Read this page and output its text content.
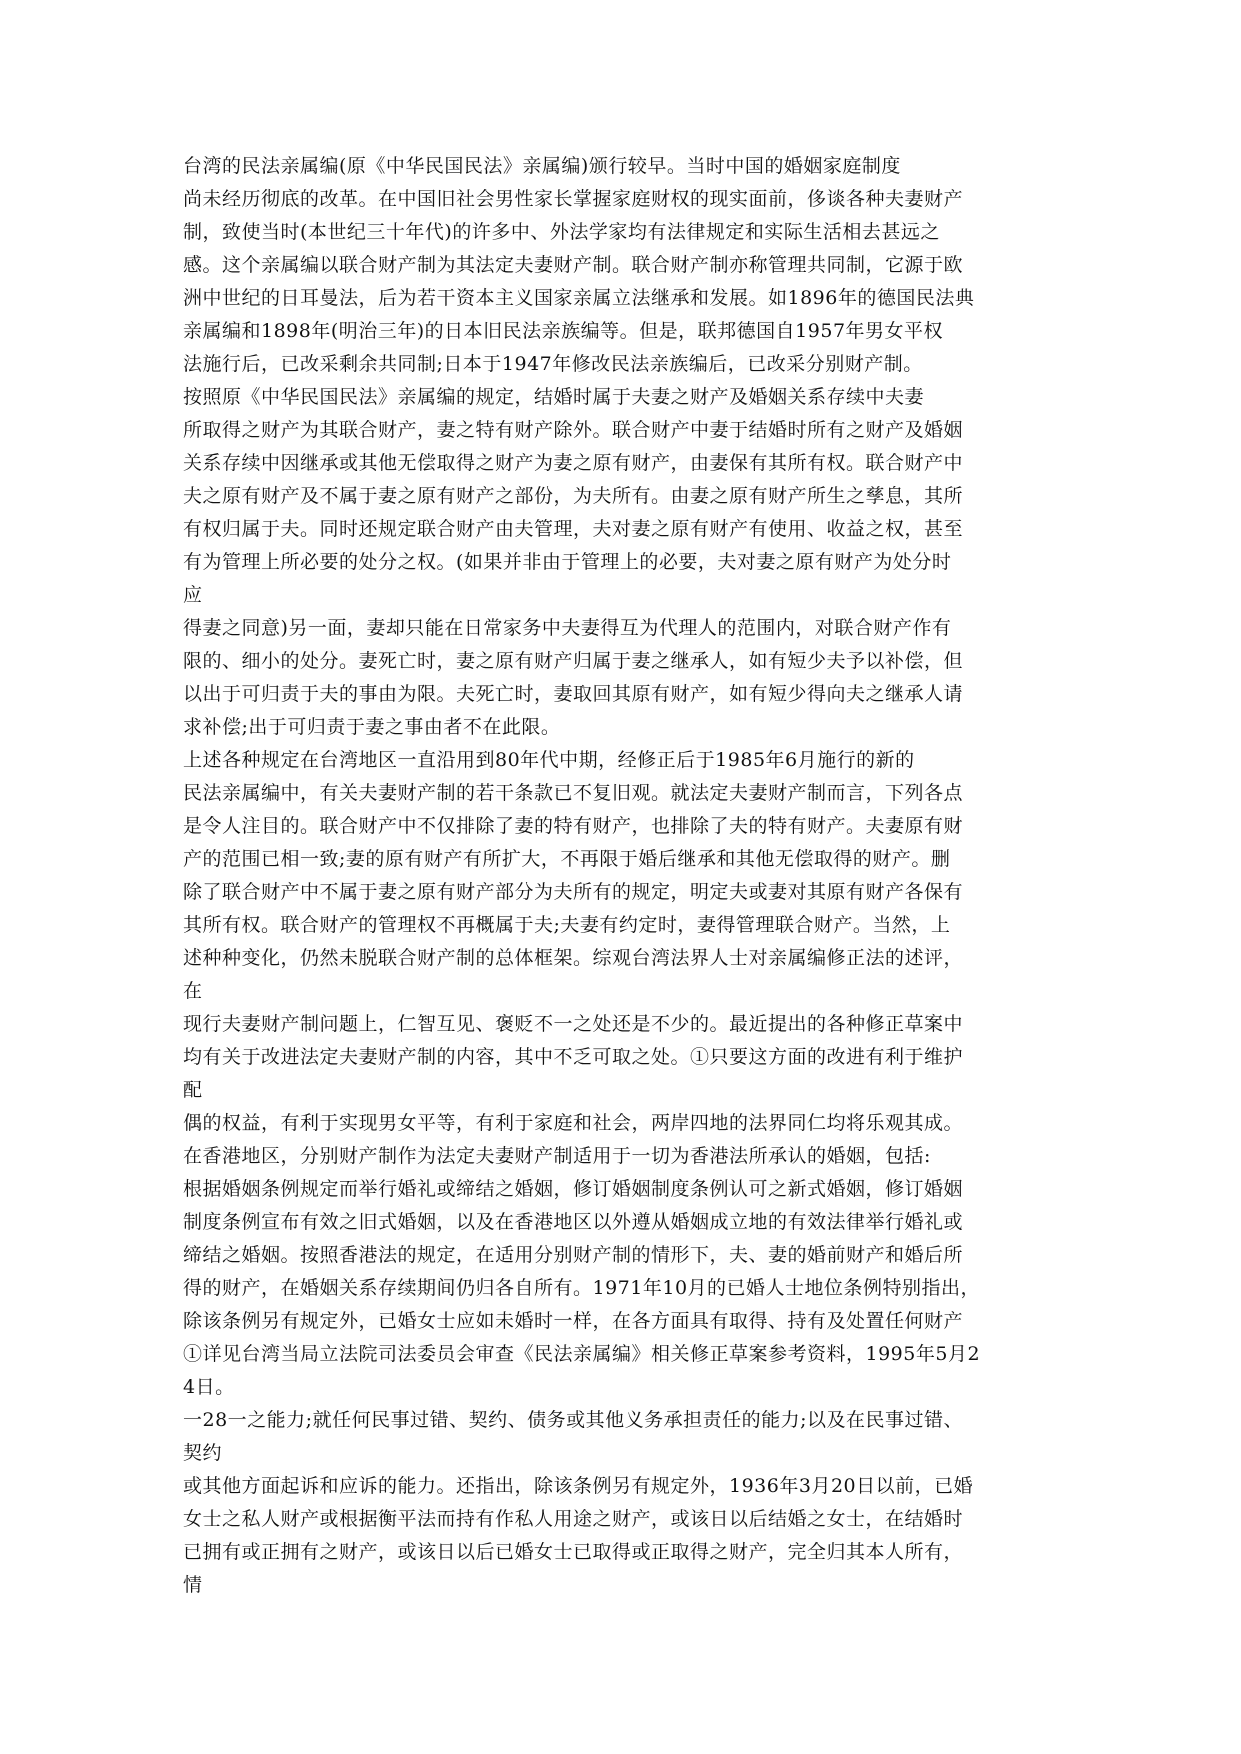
台湾的民法亲属编(原《中华民国民法》亲属编)颁行较早。当时中国的婚姻家庭制度
尚未经历彻底的改革。在中国旧社会男性家长掌握家庭财权的现实面前，侈谈各种夫妻财产
制，致使当时(本世纪三十年代)的许多中、外法学家均有法律规定和实际生活相去甚远之
感。这个亲属编以联合财产制为其法定夫妻财产制。联合财产制亦称管理共同制，它源于欧
洲中世纪的日耳曼法，后为若干资本主义国家亲属立法继承和发展。如1896年的德国民法典
亲属编和1898年(明治三年)的日本旧民法亲族编等。但是，联邦德国自1957年男女平权
法施行后，已改采剩余共同制;日本于1947年修改民法亲族编后，已改采分别财产制。
按照原《中华民国民法》亲属编的规定，结婚时属于夫妻之财产及婚姻关系存续中夫妻
所取得之财产为其联合财产，妻之特有财产除外。联合财产中妻于结婚时所有之财产及婚姻
关系存续中因继承或其他无偿取得之财产为妻之原有财产，由妻保有其所有权。联合财产中
夫之原有财产及不属于妻之原有财产之部份，为夫所有。由妻之原有财产所生之孳息，其所
有权归属于夫。同时还规定联合财产由夫管理，夫对妻之原有财产有使用、收益之权，甚至
有为管理上所必要的处分之权。(如果并非由于管理上的必要，夫对妻之原有财产为处分时
应
得妻之同意)另一面，妻却只能在日常家务中夫妻得互为代理人的范围内，对联合财产作有
限的、细小的处分。妻死亡时，妻之原有财产归属于妻之继承人，如有短少夫予以补偿，但
以出于可归责于夫的事由为限。夫死亡时，妻取回其原有财产，如有短少得向夫之继承人请
求补偿;出于可归责于妻之事由者不在此限。
上述各种规定在台湾地区一直沿用到80年代中期，经修正后于1985年6月施行的新的
民法亲属编中，有关夫妻财产制的若干条款已不复旧观。就法定夫妻财产制而言，下列各点
是令人注目的。联合财产中不仅排除了妻的特有财产，也排除了夫的特有财产。夫妻原有财
产的范围已相一致;妻的原有财产有所扩大，不再限于婚后继承和其他无偿取得的财产。删
除了联合财产中不属于妻之原有财产部分为夫所有的规定，明定夫或妻对其原有财产各保有
其所有权。联合财产的管理权不再概属于夫;夫妻有约定时，妻得管理联合财产。当然，上
述种种变化，仍然未脱联合财产制的总体框架。综观台湾法界人士对亲属编修正法的述评，
在
现行夫妻财产制问题上，仁智互见、褒贬不一之处还是不少的。最近提出的各种修正草案中
均有关于改进法定夫妻财产制的内容，其中不乏可取之处。①只要这方面的改进有利于维护
配
偶的权益，有利于实现男女平等，有利于家庭和社会，两岸四地的法界同仁均将乐观其成。
在香港地区，分别财产制作为法定夫妻财产制适用于一切为香港法所承认的婚姻，包括:
根据婚姻条例规定而举行婚礼或缔结之婚姻，修订婚姻制度条例认可之新式婚姻，修订婚姻
制度条例宣布有效之旧式婚姻，以及在香港地区以外遵从婚姻成立地的有效法律举行婚礼或
缔结之婚姻。按照香港法的规定，在适用分别财产制的情形下，夫、妻的婚前财产和婚后所
得的财产，在婚姻关系存续期间仍归各自所有。1971年10月的已婚人士地位条例特别指出，
除该条例另有规定外，已婚女士应如未婚时一样，在各方面具有取得、持有及处置任何财产
①详见台湾当局立法院司法委员会审查《民法亲属编》相关修正草案参考资料，1995年5月2
4日。
一28一之能力;就任何民事过错、契约、债务或其他义务承担责任的能力;以及在民事过错、
契约
或其他方面起诉和应诉的能力。还指出，除该条例另有规定外，1936年3月20日以前，已婚
女士之私人财产或根据衡平法而持有作私人用途之财产，或该日以后结婚之女士，在结婚时
已拥有或正拥有之财产，或该日以后已婚女士已取得或正取得之财产，完全归其本人所有，
情
